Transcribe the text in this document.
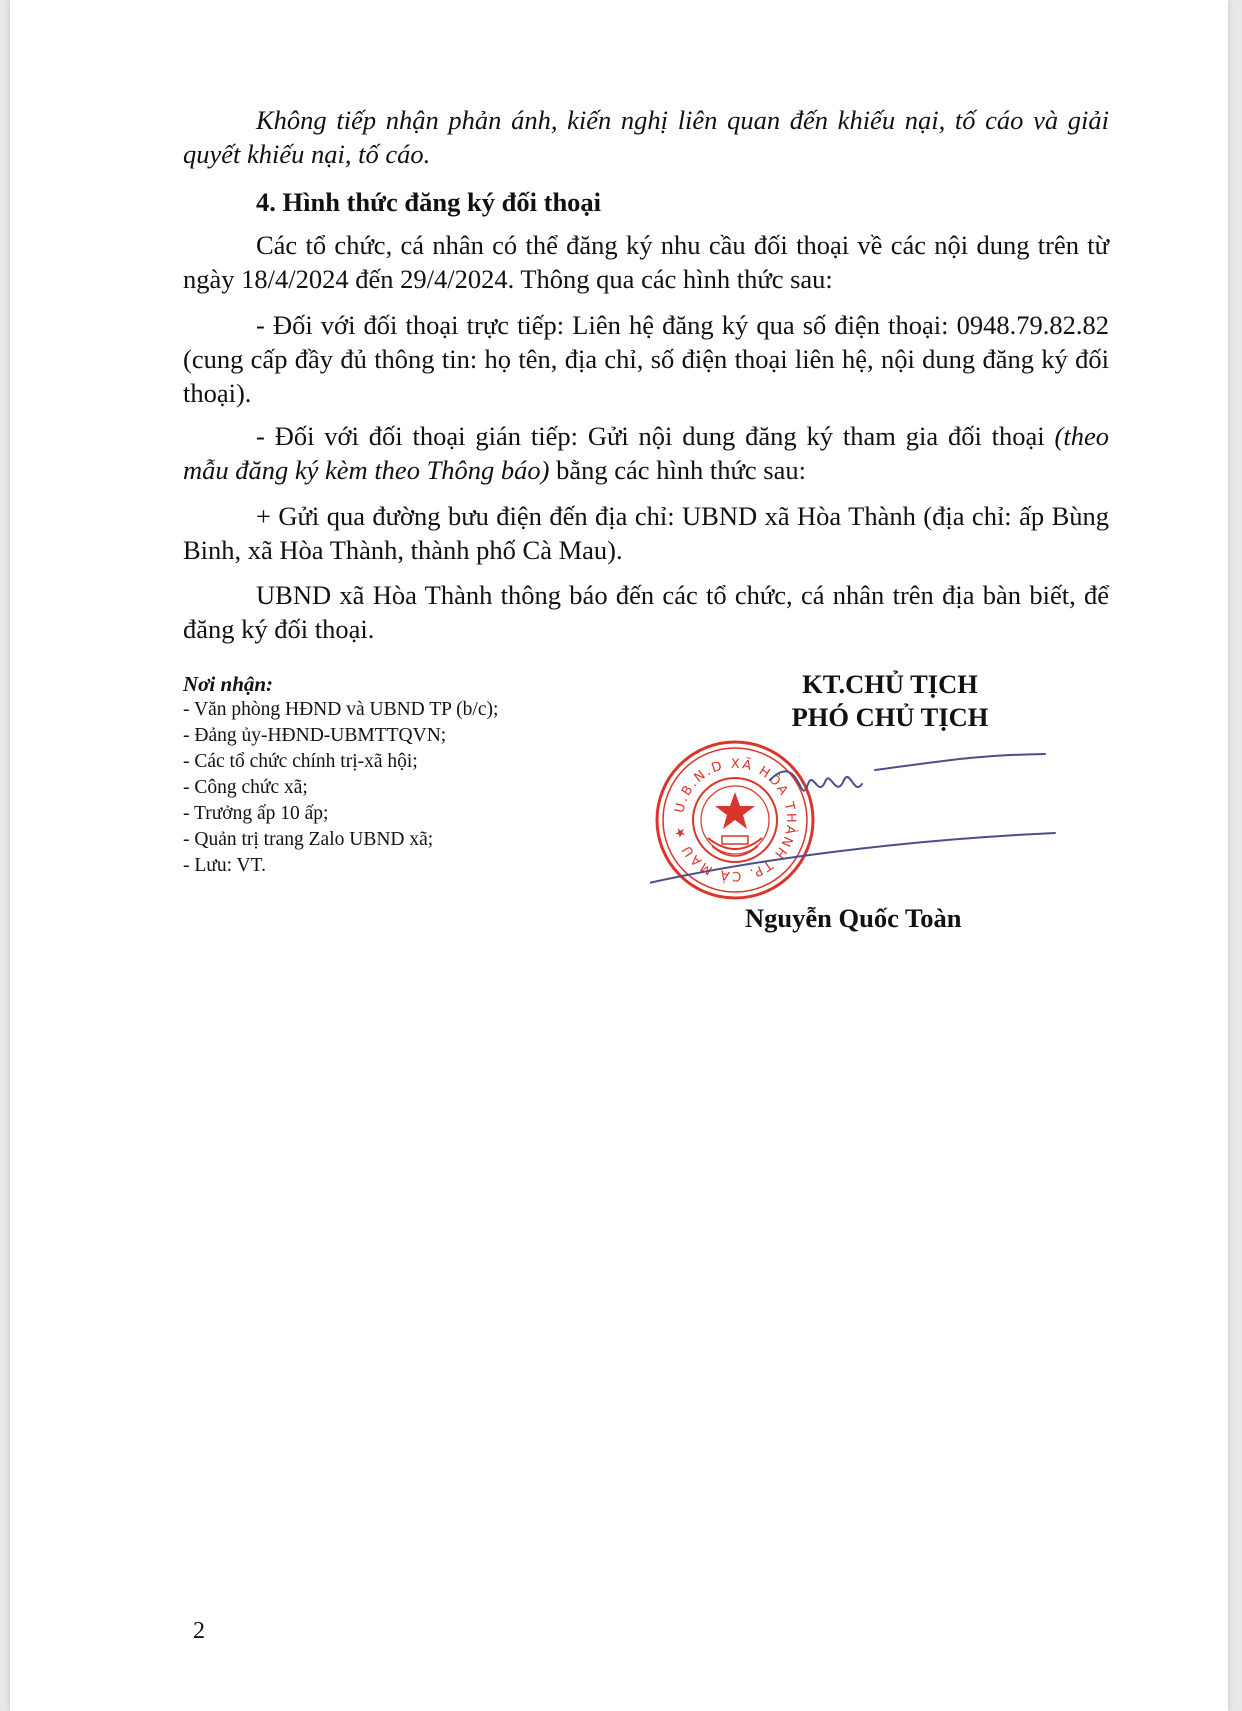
Không tiếp nhận phản ánh, kiến nghị liên quan đến khiếu nại, tố cáo và giải quyết khiếu nại, tố cáo.
4. Hình thức đăng ký đối thoại
Các tổ chức, cá nhân có thể đăng ký nhu cầu đối thoại về các nội dung trên từ ngày 18/4/2024 đến 29/4/2024. Thông qua các hình thức sau:
- Đối với đối thoại trực tiếp: Liên hệ đăng ký qua số điện thoại: 0948.79.82.82 (cung cấp đầy đủ thông tin: họ tên, địa chỉ, số điện thoại liên hệ, nội dung đăng ký đối thoại).
- Đối với đối thoại gián tiếp: Gửi nội dung đăng ký tham gia đối thoại (theo mẫu đăng ký kèm theo Thông báo) bằng các hình thức sau:
+ Gửi qua đường bưu điện đến địa chỉ: UBND xã Hòa Thành (địa chỉ: ấp Bùng Binh, xã Hòa Thành, thành phố Cà Mau).
UBND xã Hòa Thành thông báo đến các tổ chức, cá nhân trên địa bàn biết, để đăng ký đối thoại.
Nơi nhận:
- Văn phòng HĐND và UBND TP (b/c);
- Đảng ủy-HĐND-UBMTTQVN;
- Các tổ chức chính trị-xã hội;
- Công chức xã;
- Trưởng ấp 10 ấp;
- Quản trị trang Zalo UBND xã;
- Lưu: VT.
KT.CHỦ TỊCH
PHÓ CHỦ TỊCH
U.B.N.D XÃ HÒA THÀNH TP. CÀ MAU ★
Nguyễn Quốc Toàn
2
